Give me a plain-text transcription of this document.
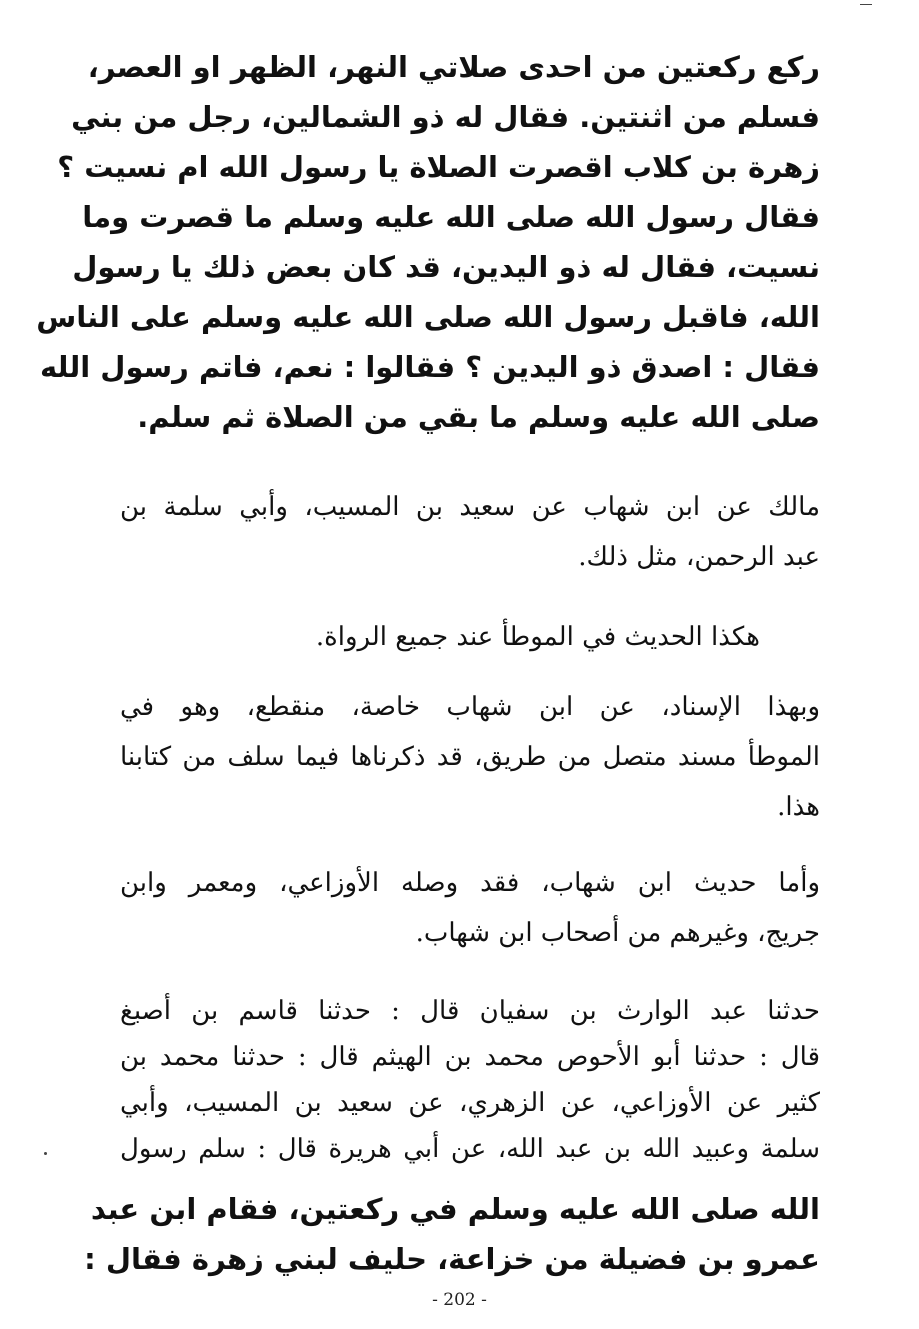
ركع ركعتين من احدى صلاتي النهر، الظهر او العصر،
فسلم من اثنتين. فقال له ذو الشمالين، رجل من بني
زهرة بن كلاب اقصرت الصلاة يا رسول الله ام نسيت ؟
فقال رسول الله صلى الله عليه وسلم ما قصرت وما
نسيت، فقال له ذو اليدين، قد كان بعض ذلك يا رسول
الله، فاقبل رسول الله صلى الله عليه وسلم على الناس
فقال : اصدق ذو اليدين ؟ فقالوا : نعم، فاتم رسول الله
صلى الله عليه وسلم ما بقي من الصلاة ثم سلم.
مالك عن ابن شهاب عن سعيد بن المسيب، وأبي سلمة بن
عبد الرحمن، مثل ذلك.
هكذا الحديث في الموطأ عند جميع الرواة.
وبهذا الإسناد، عن ابن شهاب خاصة، منقطع، وهو في
الموطأ مسند متصل من طريق، قد ذكرناها فيما سلف من كتابنا
هذا.
وأما حديث ابن شهاب، فقد وصله الأوزاعي، ومعمر وابن
جريج، وغيرهم من أصحاب ابن شهاب.
حدثنا عبد الوارث بن سفيان قال : حدثنا قاسم بن أصبغ
قال : حدثنا أبو الأحوص محمد بن الهيثم قال : حدثنا محمد بن
كثير عن الأوزاعي، عن الزهري، عن سعيد بن المسيب، وأبي
سلمة وعبيد الله بن عبد الله، عن أبي هريرة قال : سلم رسول
الله صلى الله عليه وسلم في ركعتين، فقام ابن عبد
عمرو بن فضيلة من خزاعة، حليف لبني زهرة فقال :
- 202 -
